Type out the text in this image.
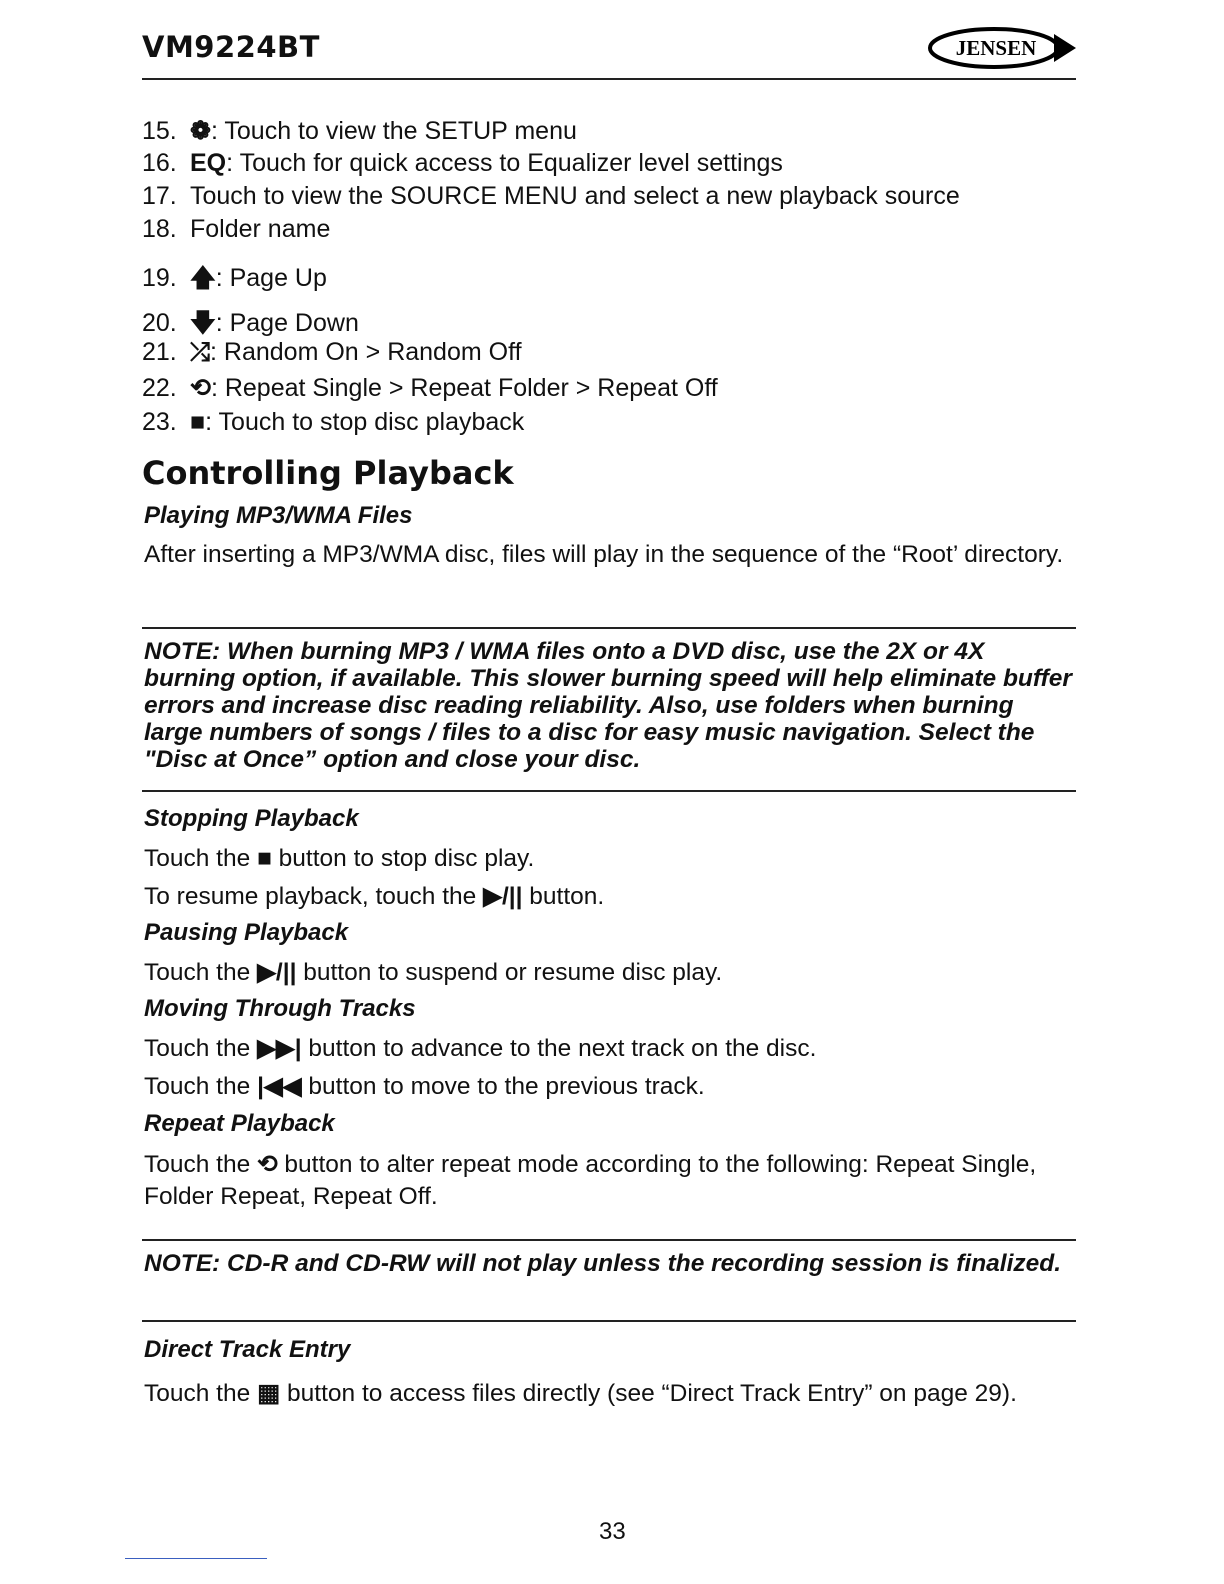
VM9224BT	JENSEN
15. ❁: Touch to view the SETUP menu
16. EQ: Touch for quick access to Equalizer level settings
17. Touch to view the SOURCE MENU and select a new playback source
18. Folder name
19. 🡅: Page Up
20. 🡇: Page Down
21. ⤮: Random On > Random Off
22. ⟲: Repeat Single > Repeat Folder > Repeat Off
23. ■: Touch to stop disc playback
Controlling Playback
Playing MP3/WMA Files
After inserting a MP3/WMA disc, files will play in the sequence of the “Root’ directory.
NOTE: When burning MP3 / WMA files onto a DVD disc, use the 2X or 4X burning option, if available. This slower burning speed will help eliminate buffer errors and increase disc reading reliability. Also, use folders when burning large numbers of songs / files to a disc for easy music navigation. Select the "Disc at Once” option and close your disc.
Stopping Playback
Touch the ■ button to stop disc play.
To resume playback, touch the ▶/|| button.
Pausing Playback
Touch the ▶/|| button to suspend or resume disc play.
Moving Through Tracks
Touch the ▶▶| button to advance to the next track on the disc.
Touch the |◀◀ button to move to the previous track.
Repeat Playback
Touch the ⟲ button to alter repeat mode according to the following: Repeat Single, Folder Repeat, Repeat Off.
NOTE: CD-R and CD-RW will not play unless the recording session is finalized.
Direct Track Entry
Touch the ▦ button to access files directly (see “Direct Track Entry” on page 29).
33
